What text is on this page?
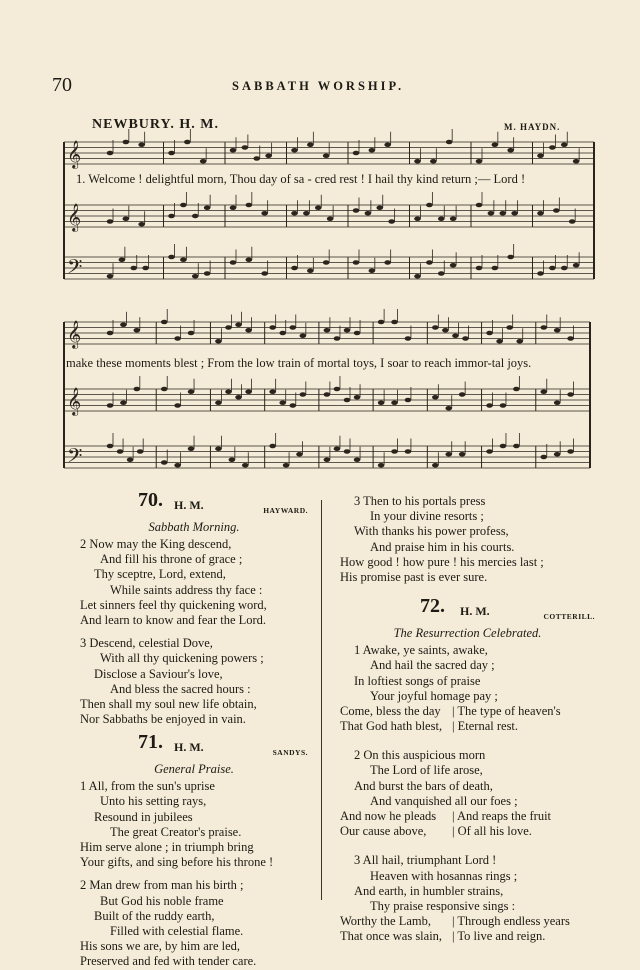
70	SABBATH WORSHIP.
NEWBURY. H. M.	M. HAYDN.
𝄞
𝄞
𝄢
𝄞
𝄞
𝄢
1. Welcome ! delightful morn, Thou day of sa - cred rest ! I hail thy kind return ;— Lord !
make these moments blest ; From the low train of mortal toys, I soar to reach immor-tal joys.
70. H. M.	HAYWARD.
Sabbath Morning.
2 Now may the King descend,
And fill his throne of grace ;
Thy sceptre, Lord, extend,
While saints address thy face :
Let sinners feel thy quickening word,
And learn to know and fear the Lord.
3 Descend, celestial Dove,
With all thy quickening powers ;
Disclose a Saviour's love,
And bless the sacred hours :
Then shall my soul new life obtain,
Nor Sabbaths be enjoyed in vain.
71. H. M.	SANDYS.
General Praise.
1 All, from the sun's uprise
Unto his setting rays,
Resound in jubilees
The great Creator's praise.
Him serve alone ; in triumph bring
Your gifts, and sing before his throne !
2 Man drew from man his birth ;
But God his noble frame
Built of the ruddy earth,
Filled with celestial flame.
His sons we are, by him are led,
Preserved and fed with tender care.
3 Then to his portals press
In your divine resorts ;
With thanks his power profess,
And praise him in his courts.
How good ! how pure ! his mercies last ;
His promise past is ever sure.
72. H. M.	COTTERILL.
The Resurrection Celebrated.
1 Awake, ye saints, awake,
And hail the sacred day ;
In loftiest songs of praise
Your joyful homage pay ;
Come, bless the day | The type of heaven's
That God hath blest, | Eternal rest.
2 On this auspicious morn
The Lord of life arose,
And burst the bars of death,
And vanquished all our foes ;
And now he pleads | And reaps the fruit
Our cause above, | Of all his love.
3 All hail, triumphant Lord !
Heaven with hosannas rings ;
And earth, in humbler strains,
Thy praise responsive sings :
Worthy the Lamb, | Through endless years
That once was slain, | To live and reign.
